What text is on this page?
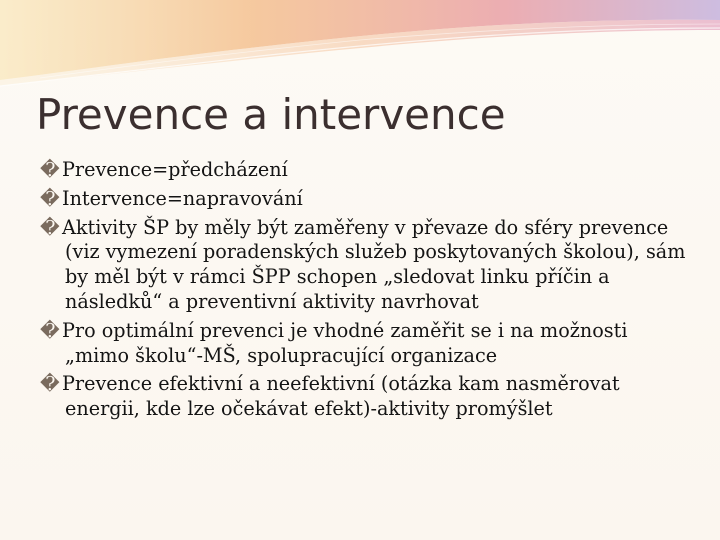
Prevence a intervence
� Prevence=předcházení
� Intervence=napravování
� Aktivity ŠP by měly být zaměřeny v převaze do sféry prevence (viz vymezení poradenských služeb poskytovaných školou), sám by měl být v rámci ŠPP schopen „sledovat linku příčin a následků“ a preventivní aktivity navrhovat
� Pro optimální prevenci je vhodné zaměřit se i na možnosti „mimo školu“-MŠ, spolupracující organizace
� Prevence efektivní a neefektivní (otázka kam nasměrovat energii, kde lze očekávat efekt)-aktivity promýšlet
